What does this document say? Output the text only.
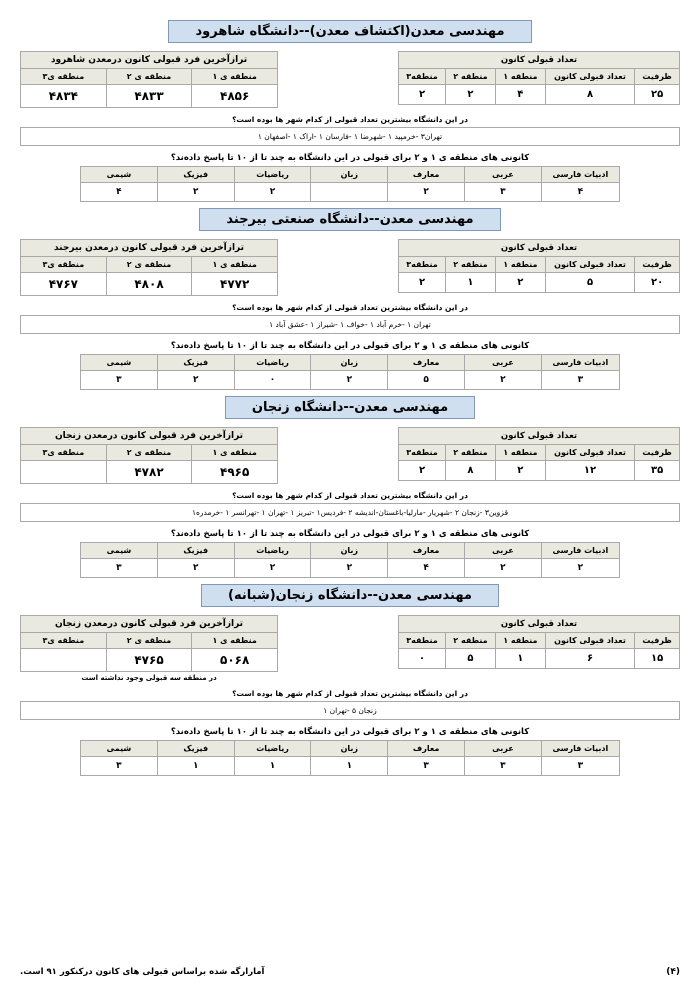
مهندسی معدن(اکتشاف معدن)--دانشگاه شاهرود
تعداد قبولی کانون				
ظرفیت	تعداد قبولی کانون	منطقه ۱	منطقه ۲	منطقه۳
۲۵	۸	۴	۲	۲
ترازآخرین فرد قبولی کانون درمعدن شاهرود		
منطقه ی ۱	منطقه ی ۲	منطقه ی۳
۴۸۵۶	۴۸۳۳	۴۸۳۴
در این دانشگاه بیشترین تعداد قبولی از کدام شهر ها بوده است؟
تهران۳ -خرمپید ۱ -شهرضا ۱ -فارسان ۱ -اراک ۱ -اصفهان ۱
کانونی های منطقه ی ۱ و ۲ برای قبولی در این دانشگاه به چند تا از ۱۰ تا پاسخ داده‌ند؟
ادبیات فارسی	عربی	معارف	زبان	ریاضیات	فیزیک	شیمی
۴	۳	۲		۲	۲	۴
مهندسی معدن--دانشگاه صنعتی بیرجند
تعداد قبولی کانون				
ظرفیت	تعداد قبولی کانون	منطقه ۱	منطقه ۲	منطقه۳
۲۰	۵	۲	۱	۲
ترازآخرین فرد قبولی کانون درمعدن بیرجند		
منطقه ی ۱	منطقه ی ۲	منطقه ی۳
۴۷۷۲	۴۸۰۸	۴۷۶۷
در این دانشگاه بیشترین تعداد قبولی از کدام شهر ها بوده است؟
تهران ۱ -خرم آباد ۱ -خواف ۱ -شیراز ۱ -عشق آباد ۱
کانونی های منطقه ی ۱ و ۲ برای قبولی در این دانشگاه به چند تا از ۱۰ تا پاسخ داده‌ند؟
ادبیات فارسی	عربی	معارف	زبان	ریاضیات	فیزیک	شیمی
۳	۲	۵	۲	۰	۲	۳
مهندسی معدن--دانشگاه زنجان
تعداد قبولی کانون				
ظرفیت	تعداد قبولی کانون	منطقه ۱	منطقه ۲	منطقه۳
۳۵	۱۲	۲	۸	۲
ترازآخرین فرد قبولی کانون درمعدن زنجان		
منطقه ی ۱	منطقه ی ۲	منطقه ی۳
۴۹۶۵	۴۷۸۲	
در این دانشگاه بیشترین تعداد قبولی از کدام شهر ها بوده است؟
قزوین۳ -زنجان ۲ -شهریار -مارلیا-باغستان-اندیشه ۲ -فردیس۱ -تبریز ۱ -تهران ۱ -تهرانسر ۱ -خرمدره۱
کانونی های منطقه ی ۱ و ۲ برای قبولی در این دانشگاه به چند تا از ۱۰ تا پاسخ داده‌ند؟
ادبیات فارسی	عربی	معارف	زبان	ریاضیات	فیزیک	شیمی
۲	۲	۴	۲	۲	۲	۳
مهندسی معدن--دانشگاه زنجان(شبانه)
تعداد قبولی کانون				
ظرفیت	تعداد قبولی کانون	منطقه ۱	منطقه ۲	منطقه۳
۱۵	۶	۱	۵	۰
ترازآخرین فرد قبولی کانون درمعدن زنجان		
منطقه ی ۱	منطقه ی ۲	منطقه ی۳
۵۰۶۸	۴۷۶۵	
در منطقه سه قبولی وجود نداشته است
در این دانشگاه بیشترین تعداد قبولی از کدام شهر ها بوده است؟
زنجان ۵ -تهران ۱
کانونی های منطقه ی ۱ و ۲ برای قبولی در این دانشگاه به چند تا از ۱۰ تا پاسخ داده‌ند؟
ادبیات فارسی	عربی	معارف	زبان	ریاضیات	فیزیک	شیمی
۳	۳	۳	۱	۱	۱	۳
(۴)
آمارارگه شده براساس قبولی های کانون درکنکور ۹۱ است.
